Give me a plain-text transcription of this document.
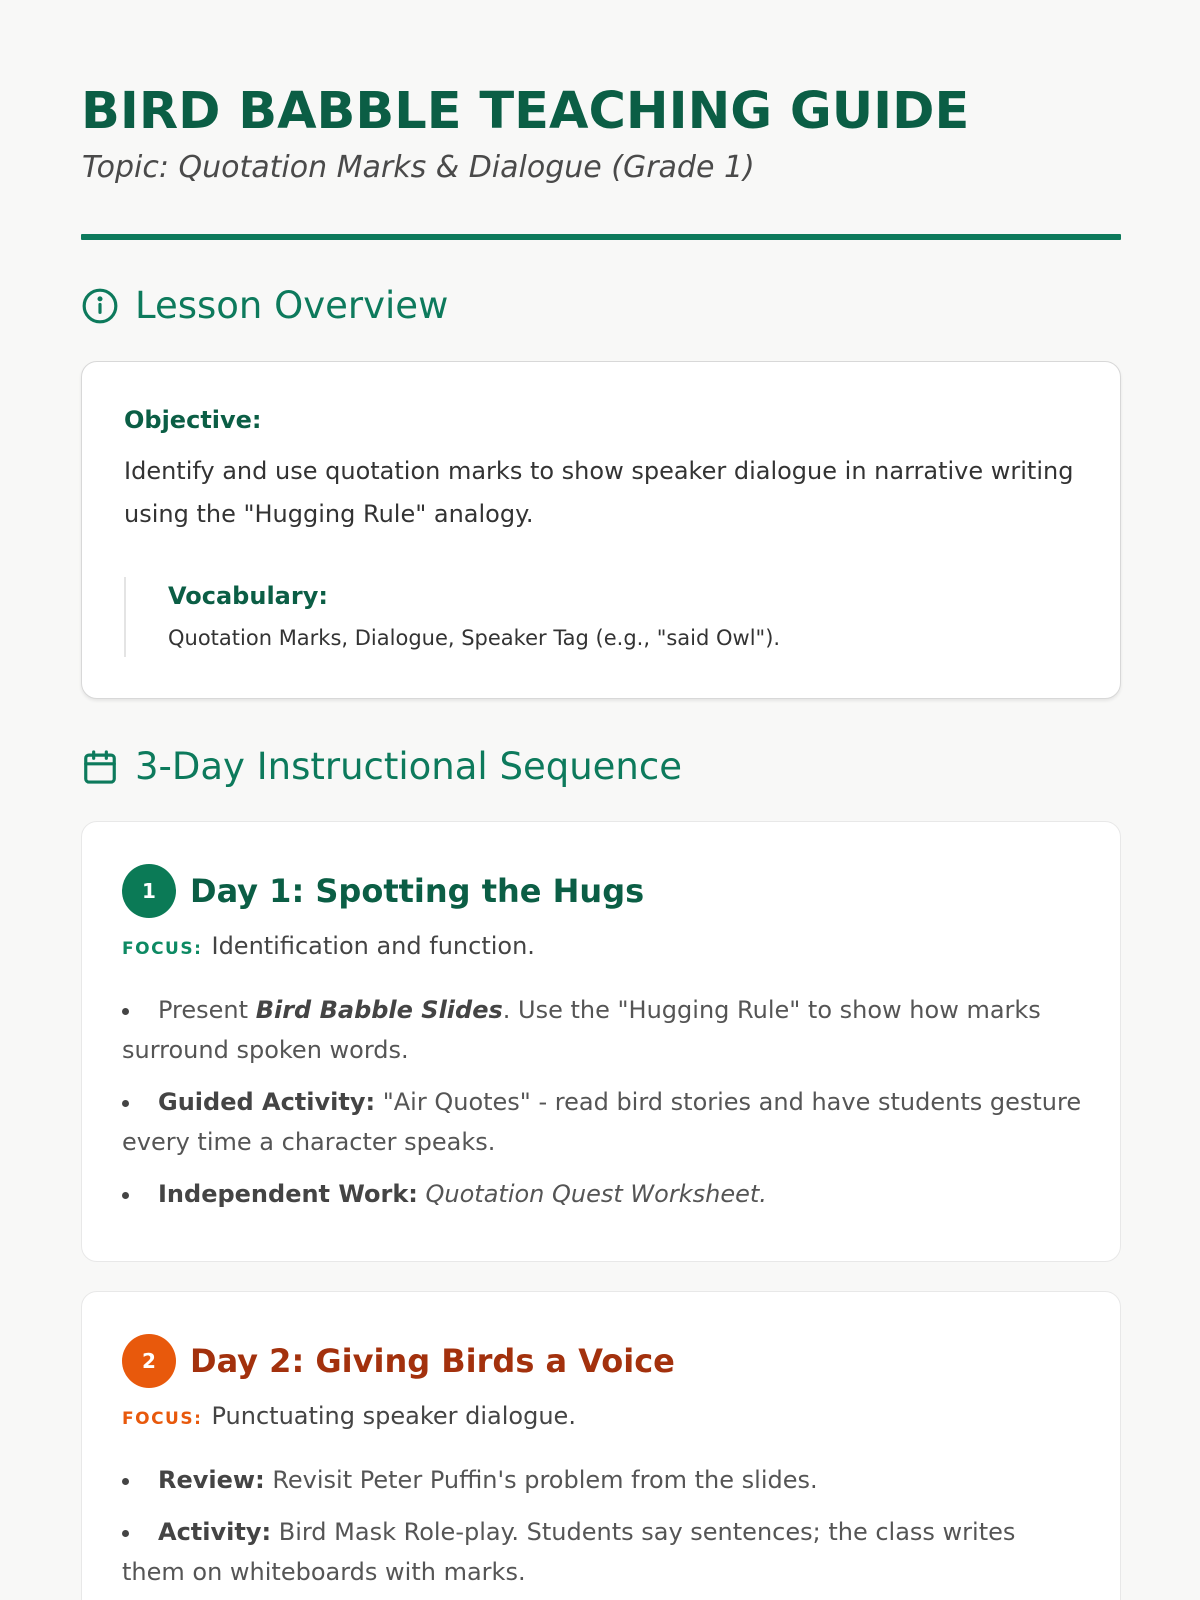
BIRD BABBLE TEACHING GUIDE
Topic: Quotation Marks & Dialogue (Grade 1)
Lesson Overview
Objective:

Identify and use quotation marks to show speaker dialogue in narrative writing using the "Hugging Rule" analogy.

Vocabulary:
Quotation Marks, Dialogue, Speaker Tag (e.g., "said Owl").
3-Day Instructional Sequence
1	Day 1: Spotting the Hugs
FOCUS: Identification and function.
Present Bird Babble Slides. Use the "Hugging Rule" to show how marks surround spoken words.
Guided Activity: "Air Quotes" - read bird stories and have students gesture every time a character speaks.
Independent Work: Quotation Quest Worksheet.
2	Day 2: Giving Birds a Voice
FOCUS: Punctuating speaker dialogue.
Review: Revisit Peter Puffin's problem from the slides.
Activity: Bird Mask Role-play. Students say sentences; the class writes them on whiteboards with marks.
